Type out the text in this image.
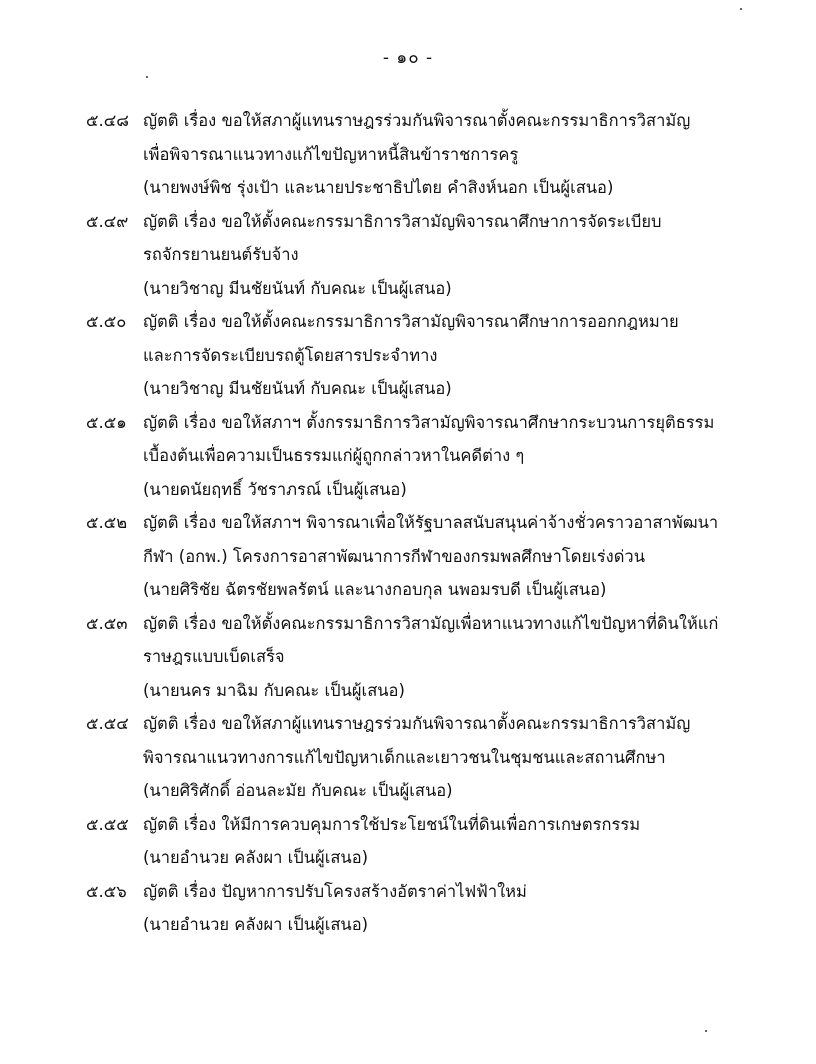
- ๑๐ -
๕.๔๘ ญัตติ เรื่อง ขอให้สภาผู้แทนราษฎรร่วมกันพิจารณาตั้งคณะกรรมาธิการวิสามัญ
เพื่อพิจารณาแนวทางแก้ไขปัญหาหนี้สินข้าราชการครู
(นายพงษ์พิช รุ่งเป้า และนายประชาธิปไตย คำสิงห์นอก เป็นผู้เสนอ)
๕.๔๙ ญัตติ เรื่อง ขอให้ตั้งคณะกรรมาธิการวิสามัญพิจารณาศึกษาการจัดระเบียบ
รถจักรยานยนต์รับจ้าง
(นายวิชาญ มีนชัยนันท์ กับคณะ เป็นผู้เสนอ)
๕.๕๐	ญัตติ เรื่อง ขอให้ตั้งคณะกรรมาธิการวิสามัญพิจารณาศึกษาการออกกฎหมาย
และการจัดระเบียบรถตู้โดยสารประจำทาง
(นายวิชาญ มีนชัยนันท์ กับคณะ เป็นผู้เสนอ)
๕.๕๑ ญัตติ เรื่อง ขอให้สภาฯ ตั้งกรรมาธิการวิสามัญพิจารณาศึกษากระบวนการยุติธรรม
เบื้องต้นเพื่อความเป็นธรรมแก่ผู้ถูกกล่าวหาในคดีต่าง ๆ
(นายดนัยฤทธิ์ วัชราภรณ์ เป็นผู้เสนอ)
๕.๕๒ ญัตติ เรื่อง ขอให้สภาฯ พิจารณาเพื่อให้รัฐบาลสนับสนุนค่าจ้างชั่วคราวอาสาพัฒนา
กีฬา (อกพ.) โครงการอาสาพัฒนาการกีฬาของกรมพลศึกษาโดยเร่งด่วน
(นายศิริชัย ฉัตรชัยพลรัตน์ และนางกอบกุล นพอมรบดี เป็นผู้เสนอ)
๕.๕๓ ญัตติ เรื่อง ขอให้ตั้งคณะกรรมาธิการวิสามัญเพื่อหาแนวทางแก้ไขปัญหาที่ดินให้แก่
ราษฎรแบบเบ็ดเสร็จ
(นายนคร มาฉิม กับคณะ เป็นผู้เสนอ)
๕.๕๔ ญัตติ เรื่อง ขอให้สภาผู้แทนราษฎรร่วมกันพิจารณาตั้งคณะกรรมาธิการวิสามัญ
พิจารณาแนวทางการแก้ไขปัญหาเด็กและเยาวชนในชุมชนและสถานศึกษา
(นายศิริศักดิ์ อ่อนละมัย กับคณะ เป็นผู้เสนอ)
๕.๕๕ ญัตติ เรื่อง ให้มีการควบคุมการใช้ประโยชน์ในที่ดินเพื่อการเกษตรกรรม
(นายอำนวย คลังผา เป็นผู้เสนอ)
๕.๕๖ ญัตติ เรื่อง ปัญหาการปรับโครงสร้างอัตราค่าไฟฟ้าใหม่
(นายอำนวย คลังผา เป็นผู้เสนอ)
